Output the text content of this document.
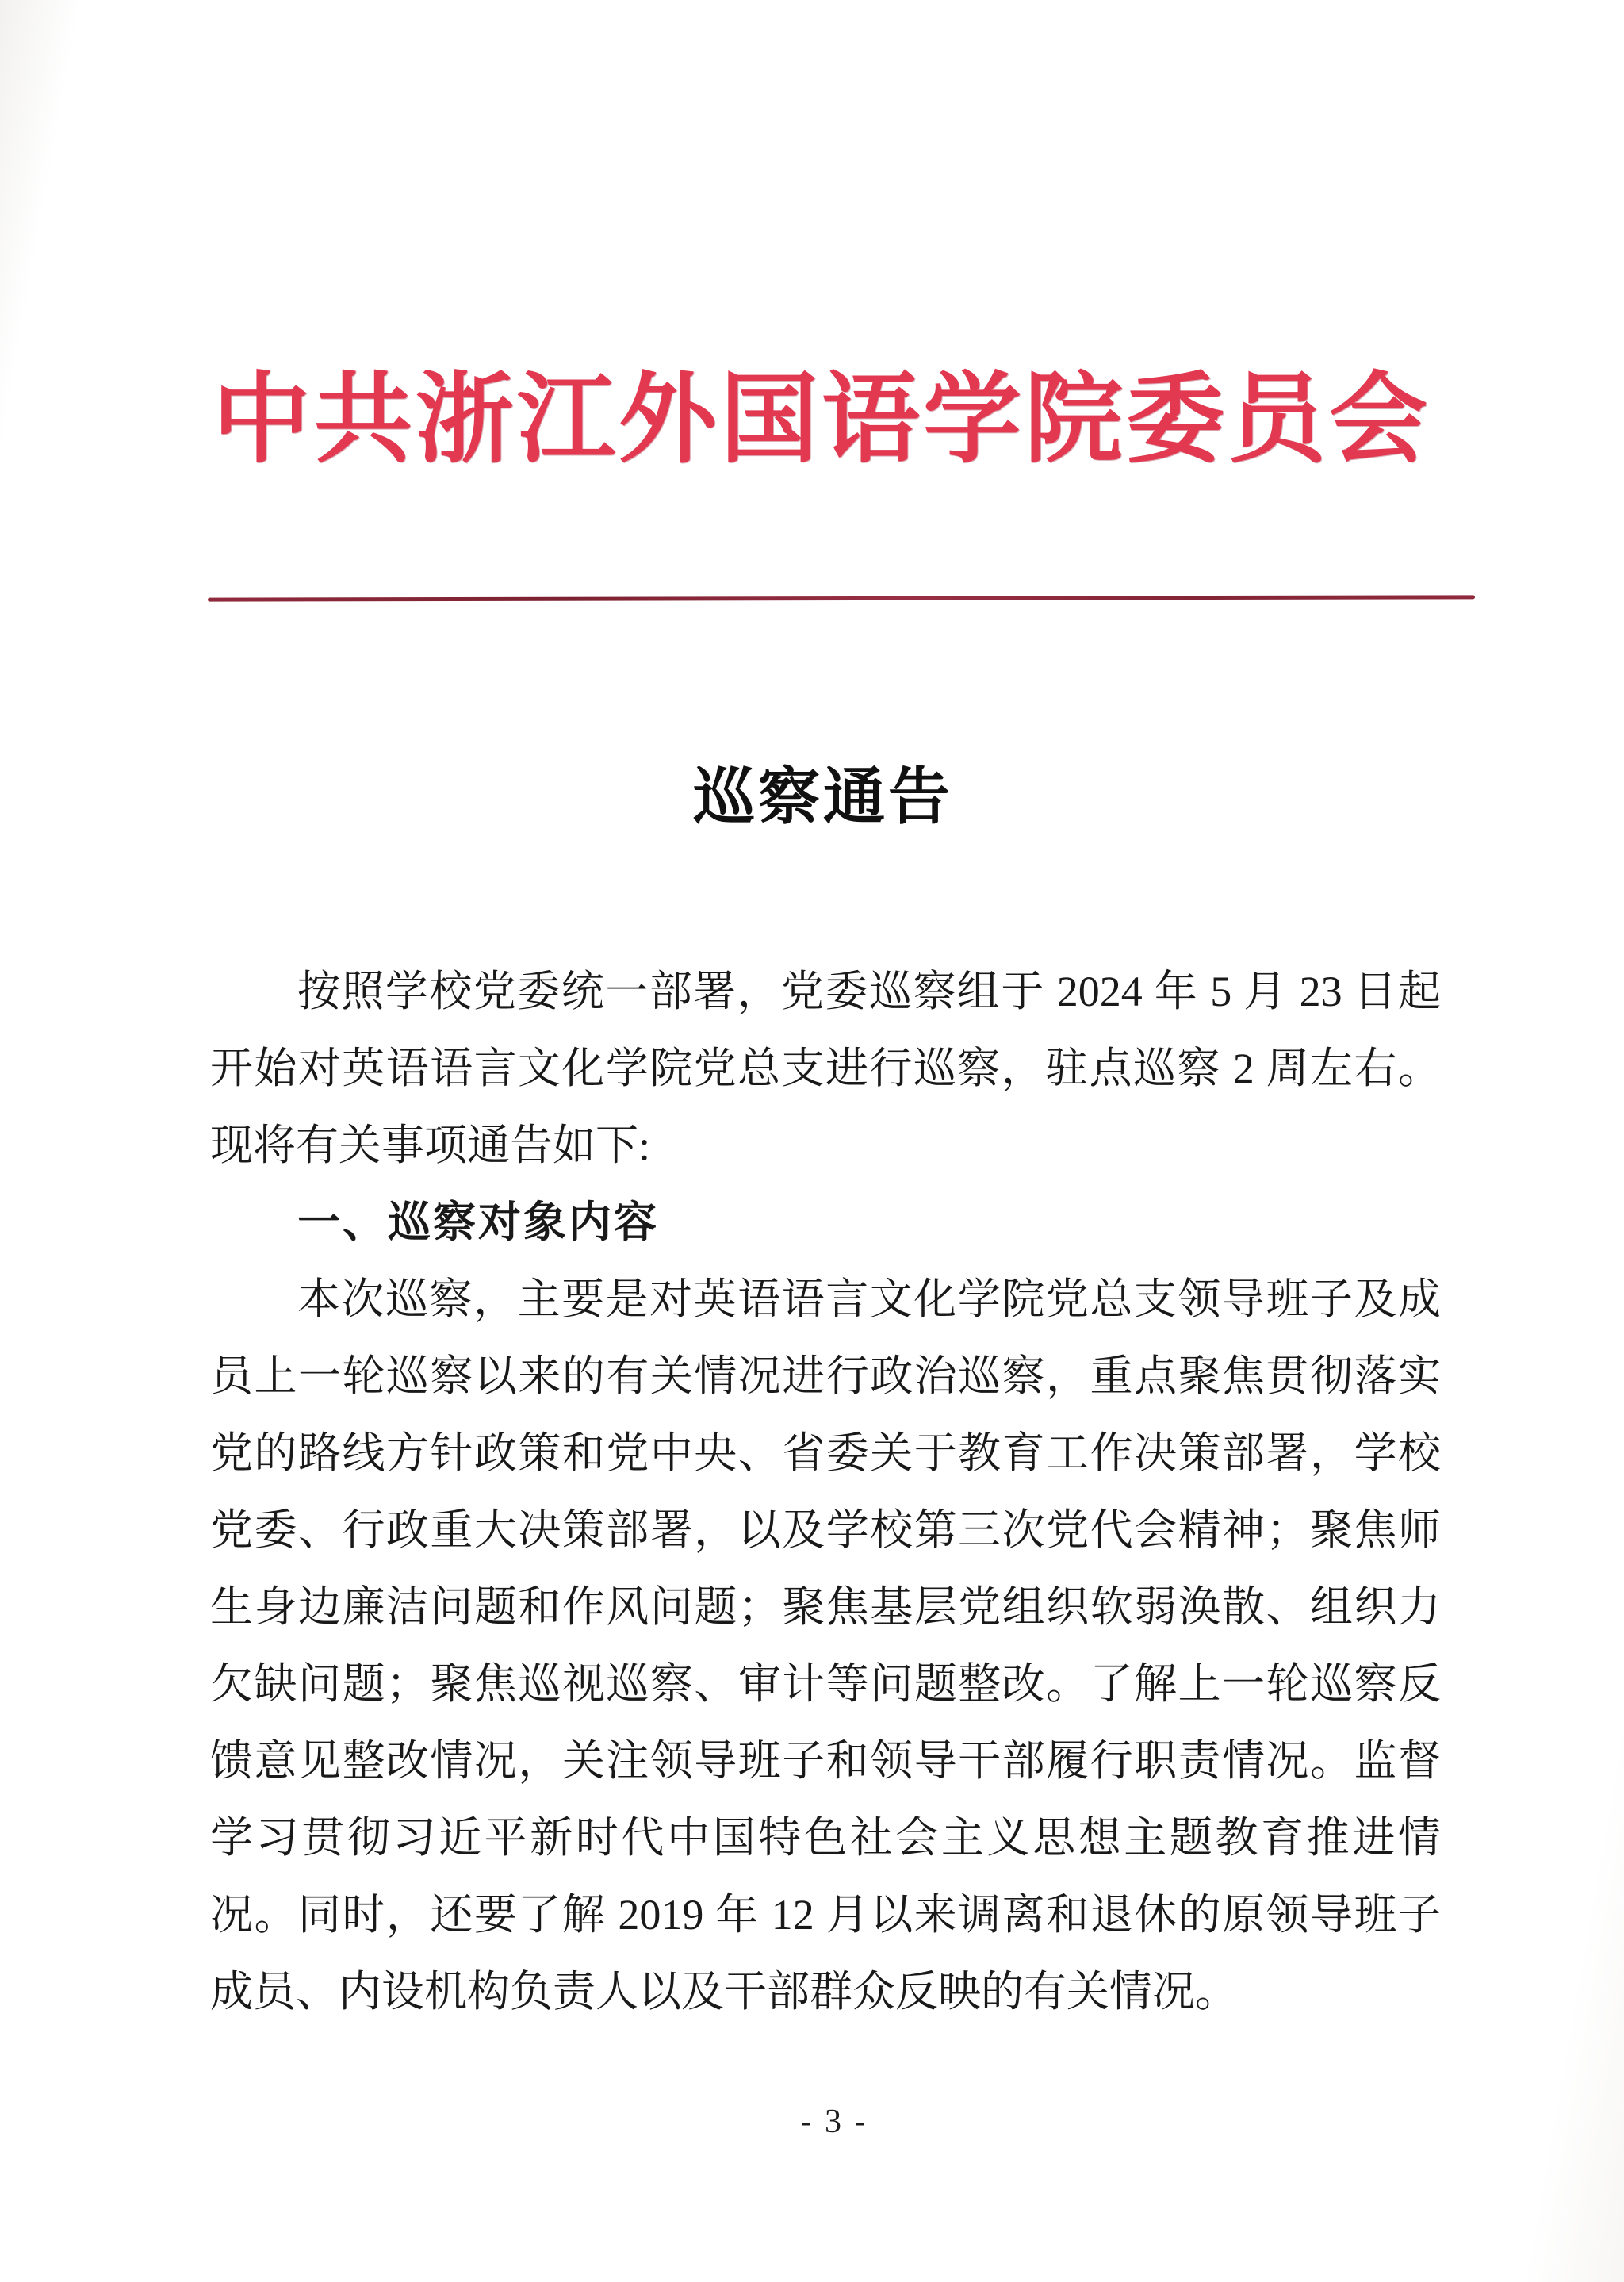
中共浙江外国语学院委员会
巡察通告

按照学校党委统一部署，党委巡察组于 2024 年 5 月 23 日起

开始对英语语言文化学院党总支进行巡察，驻点巡察 2 周左右。

现将有关事项通告如下:

一、巡察对象内容

本次巡察，主要是对英语语言文化学院党总支领导班子及成

员上一轮巡察以来的有关情况进行政治巡察，重点聚焦贯彻落实

党的路线方针政策和党中央、省委关于教育工作决策部署，学校

党委、行政重大决策部署，以及学校第三次党代会精神；聚焦师

生身边廉洁问题和作风问题；聚焦基层党组织软弱涣散、组织力

欠缺问题；聚焦巡视巡察、审计等问题整改。了解上一轮巡察反

馈意见整改情况，关注领导班子和领导干部履行职责情况。监督

学习贯彻习近平新时代中国特色社会主义思想主题教育推进情

况。同时，还要了解 2019 年 12 月以来调离和退休的原领导班子

成员、内设机构负责人以及干部群众反映的有关情况。

- 3 -
